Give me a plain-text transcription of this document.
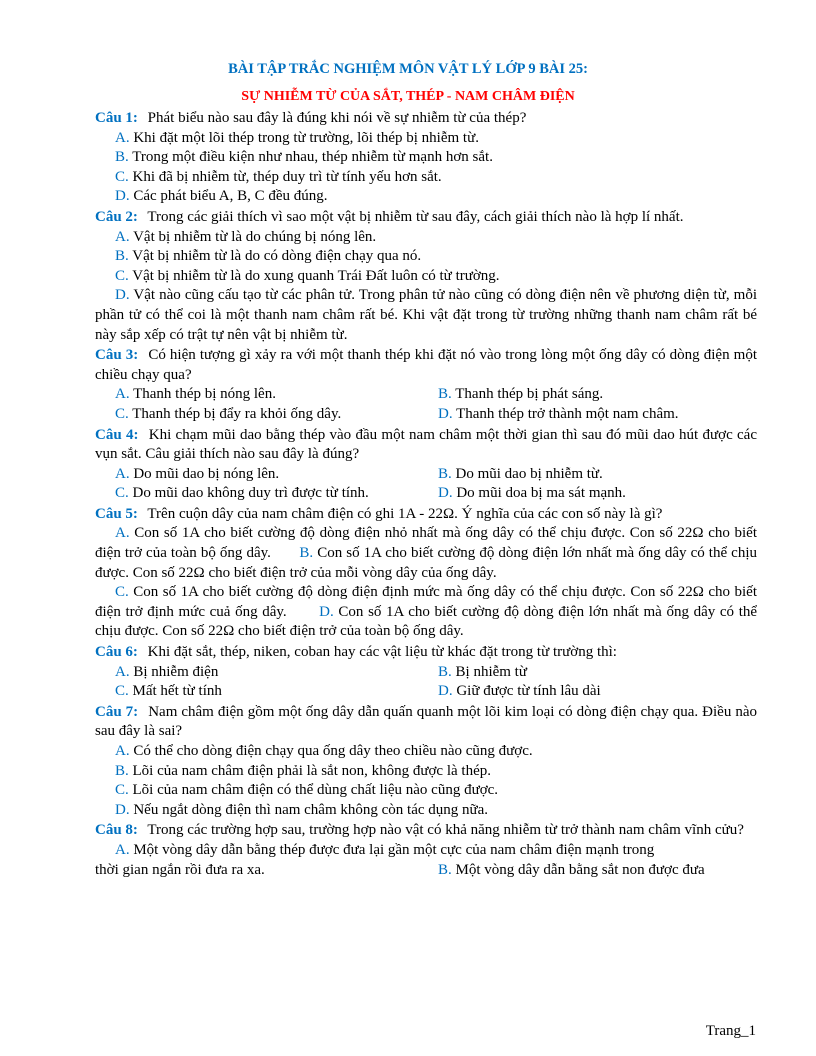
BÀI TẬP TRẮC NGHIỆM MÔN VẬT LÝ LỚP 9 BÀI 25:
SỰ NHIỄM TỪ CỦA SẮT, THÉP - NAM CHÂM ĐIỆN
Câu 1: Phát biểu nào sau đây là đúng khi nói về sự nhiễm từ của thép?
A. Khi đặt một lõi thép trong từ trường, lõi thép bị nhiễm từ.
B. Trong một điều kiện như nhau, thép nhiễm từ mạnh hơn sắt.
C. Khi đã bị nhiễm từ, thép duy trì từ tính yếu hơn sắt.
D. Các phát biểu A, B, C đều đúng.
Câu 2: Trong các giải thích vì sao một vật bị nhiễm từ sau đây, cách giải thích nào là hợp lí nhất.
A. Vật bị nhiễm từ là do chúng bị nóng lên.
B. Vật bị nhiễm từ là do có dòng điện chạy qua nó.
C. Vật bị nhiễm từ là do xung quanh Trái Đất luôn có từ trường.
D. Vật nào cũng cấu tạo từ các phân tử. Trong phân tử nào cũng có dòng điện nên về phương diện từ, mỗi phần tử có thể coi là một thanh nam châm rất bé. Khi vật đặt trong từ trường những thanh nam châm rất bé này sắp xếp có trật tự nên vật bị nhiễm từ.
Câu 3: Có hiện tượng gì xảy ra với một thanh thép khi đặt nó vào trong lòng một ống dây có dòng điện một chiều chạy qua?
A. Thanh thép bị nóng lên.	B. Thanh thép bị phát sáng.
C. Thanh thép bị đẩy ra khỏi ống dây.	D. Thanh thép trở thành một nam châm.
Câu 4: Khi chạm mũi dao bằng thép vào đầu một nam châm một thời gian thì sau đó mũi dao hút được các vụn sắt. Câu giải thích nào sau đây là đúng?
A. Do mũi dao bị nóng lên.	B. Do mũi dao bị nhiễm từ.
C. Do mũi dao không duy trì được từ tính.	D. Do mũi doa bị ma sát mạnh.
Câu 5: Trên cuộn dây của nam châm điện có ghi 1A - 22Ω. Ý nghĩa của các con số này là gì?
A. Con số 1A cho biết cường độ dòng điện nhỏ nhất mà ống dây có thể chịu được. Con số 22Ω cho biết điện trở của toàn bộ ống dây. B. Con số 1A cho biết cường độ dòng điện lớn nhất mà ống dây có thể chịu được. Con số 22Ω cho biết điện trở của mỗi vòng dây của ống dây.
C. Con số 1A cho biết cường độ dòng điện định mức mà ống dây có thể chịu được. Con số 22Ω cho biết điện trở định mức cuả ống dây. D. Con số 1A cho biết cường độ dòng điện lớn nhất mà ống dây có thể chịu được. Con số 22Ω cho biết điện trở của toàn bộ ống dây.
Câu 6: Khi đặt sắt, thép, niken, coban hay các vật liệu từ khác đặt trong từ trường thì:
A. Bị nhiễm điện	B. Bị nhiễm từ
C. Mất hết từ tính	D. Giữ được từ tính lâu dài
Câu 7: Nam châm điện gồm một ống dây dẫn quấn quanh một lõi kim loại có dòng điện chạy qua. Điều nào sau đây là sai?
A. Có thể cho dòng điện chạy qua ống dây theo chiều nào cũng được.
B. Lõi của nam châm điện phải là sắt non, không được là thép.
C. Lõi của nam châm điện có thể dùng chất liệu nào cũng được.
D. Nếu ngắt dòng điện thì nam châm không còn tác dụng nữa.
Câu 8: Trong các trường hợp sau, trường hợp nào vật có khả năng nhiễm từ trở thành nam châm vĩnh cửu?
A. Một vòng dây dẫn bằng thép được đưa lại gần một cực của nam châm điện mạnh trong
thời gian ngắn rồi đưa ra xa.	B. Một vòng dây dẫn bằng sắt non được đưa
Trang_1
